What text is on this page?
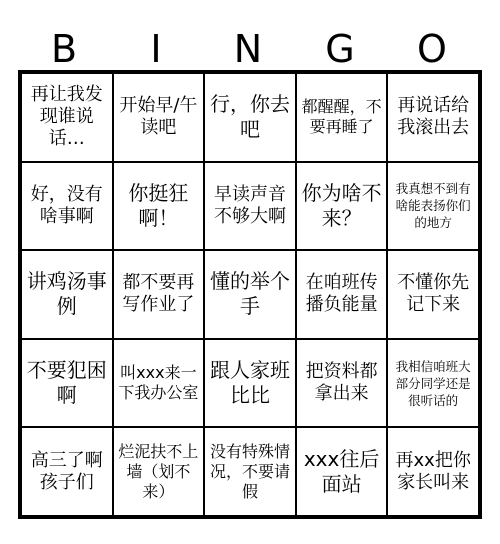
B	I	N	G	O
再让我发现谁说话…
开始早/午读吧
行，你去吧
都醒醒，不要再睡了
再说话给我滚出去
好，没有啥事啊
你挺狂啊！
早读声音不够大啊
你为啥不来？
我真想不到有啥能表扬你们的地方
讲鸡汤事例
都不要再写作业了
懂的举个手
在咱班传播负能量
不懂你先记下来
不要犯困啊
叫xxx来一下我办公室
跟人家班比比
把资料都拿出来
我相信咱班大部分同学还是很听话的
高三了啊孩子们
烂泥扶不上墙（划不来）
没有特殊情况，不要请假
xxx往后面站
再xx把你家长叫来
